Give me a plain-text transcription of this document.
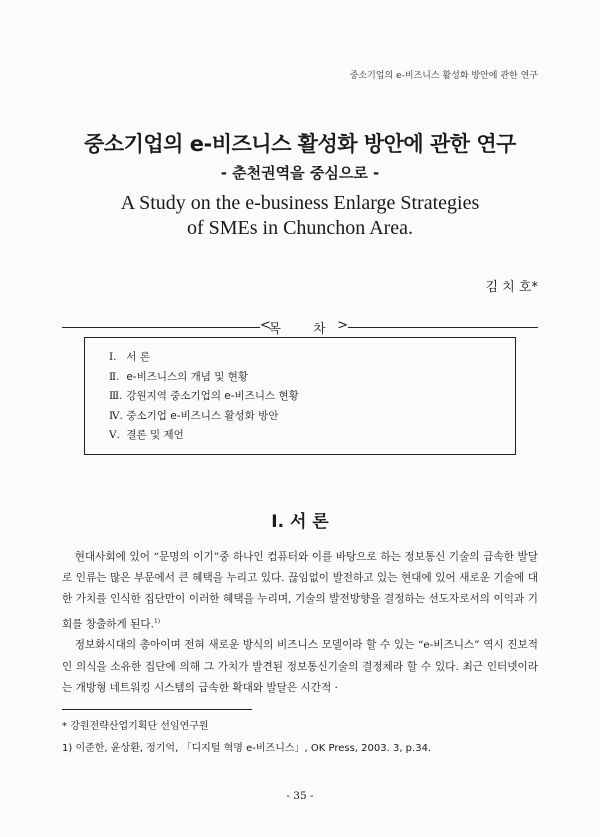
중소기업의 e-비즈니스 활성화 방안에 관한 연구
중소기업의 e-비즈니스 활성화 방안에 관한 연구
- 춘천권역을 중심으로 -
A Study on the e-business Enlarge Strategies
of SMEs in Chunchon Area.
김 치 호*
< 목 차 >
Ⅰ. 서 론
Ⅱ. e-비즈니스의 개념 및 현황
Ⅲ. 강원지역 중소기업의 e-비즈니스 현황
Ⅳ. 중소기업 e-비즈니스 활성화 방안
Ⅴ. 결론 및 제언
Ⅰ. 서 론

현대사회에 있어 “문명의 이기”중 하나인 컴퓨터와 이를 바탕으로 하는 정보통신 기술의 급속한 발달로 인류는 많은 부문에서 큰 혜택을 누리고 있다. 끊임없이 발전하고 있는 현대에 있어 새로운 기술에 대한 가치를 인식한 집단만이 이러한 혜택을 누리며, 기술의 발전방향을 결정하는 선도자로서의 이익과 기회를 창출하게 된다.$^{1)}$

정보화시대의 총아이며 전혀 새로운 방식의 비즈니스 모델이라 할 수 있는 “e-비즈니스” 역시 진보적인 의식을 소유한 집단에 의해 그 가치가 발견된 정보통신기술의 결정체라 할 수 있다. 최근 인터넷이라는 개방형 네트워킹 시스템의 급속한 확대와 발달은 시간적 ·

* 강원전략산업기획단 선임연구원
1) 이준한, 윤상환, 정기억, 「디지털 혁명 e-비즈니스」, OK Press, 2003. 3, p.34.
- 35 -
